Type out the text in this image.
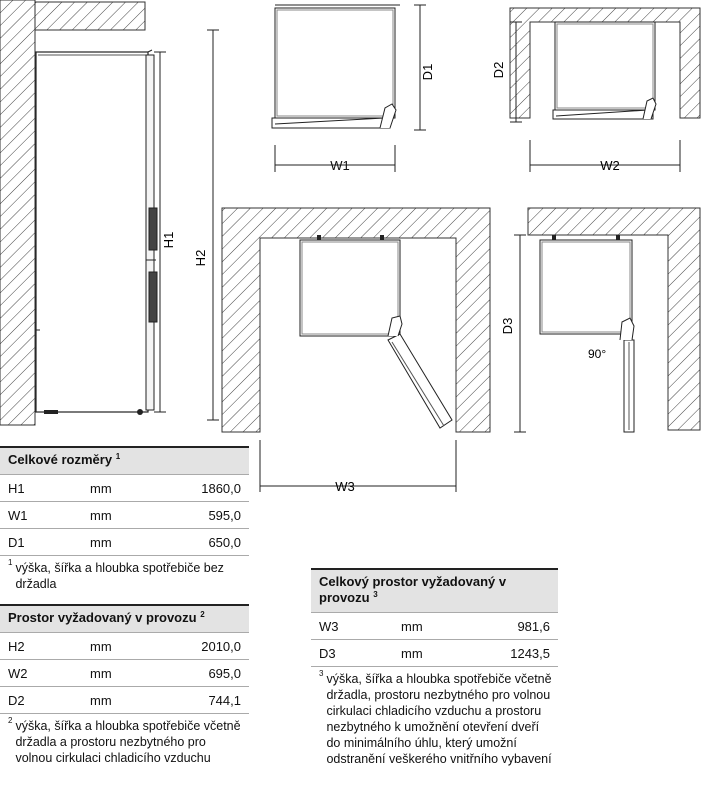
H1
H2
D1
W1
D2
W2
W3
90°
D3
Celkové rozměry $^1$
H1	mm	1860,0
W1	mm	595,0
D1	mm	650,0
1 výška, šířka a hloubka spotřebiče bez držadla
Prostor vyžadovaný v provozu $^2$
H2	mm	2010,0
W2	mm	695,0
D2	mm	744,1
2 výška, šířka a hloubka spotřebiče včetně držadla a prostoru nezbytného pro volnou cirkulaci chladicího vzduchu
Celkový prostor vyžadovaný v provozu $^3$
W3	mm	981,6
D3	mm	1243,5
3 výška, šířka a hloubka spotřebiče včetně držadla, prostoru nezbytného pro volnou cirkulaci chladicího vzduchu a prostoru nezbytného k umožnění otevření dveří do minimálního úhlu, který umožní odstranění veškerého vnitřního vybavení
